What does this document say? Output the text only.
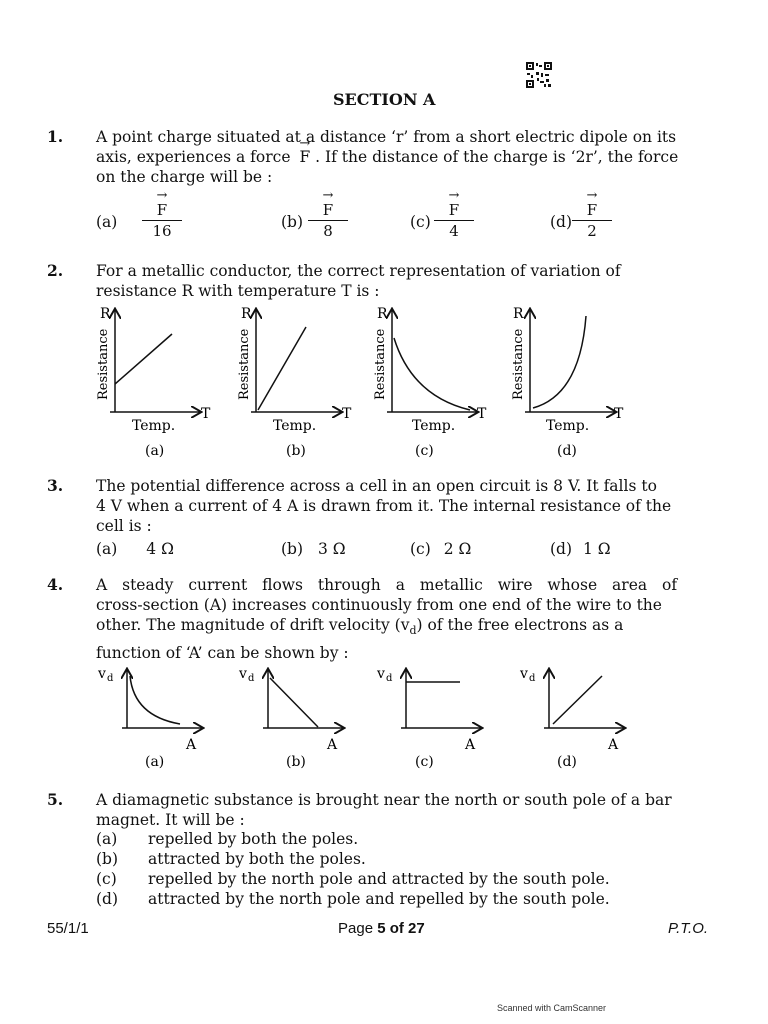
SECTION A
1. A point charge situated at a distance ‘r’ from a short electric dipole on its
axis, experiences a force → F . If the distance of the charge is ‘2r’, the force
on the charge will be :
(a)
→ $\frac{F}{16}$	(b)
→ $\frac{F}{8}$	(c)
→ $\frac{F}{4}$	(d)
→ $\frac{F}{2}$
2. For a metallic conductor, the correct representation of variation of
resistance R with temperature T is :
R
Resistance
Temp.
T
(a)
R
Resistance
Temp.
T
(b)
R
Resistance
Temp.
T
(c)
R
Resistance
Temp.
T
(d)
3. The potential difference across a cell in an open circuit is 8 V. It falls to
4 V when a current of 4 A is drawn from it. The internal resistance of the
cell is :
(a) 4 Ω	(b) 3 Ω	(c) 2 Ω	(d) 1 Ω
4. A steady current flows through a metallic wire whose area of
cross-section (A) increases continuously from one end of the wire to the
other. The magnitude of drift velocity $(v_d)$ of the free electrons as a
function of ‘A’ can be shown by :
v d
A
(a)
v d
A
(b)
v d
A
(c)
v d
A
(d)
5. A diamagnetic substance is brought near the north or south pole of a bar
magnet. It will be :
(a) repelled by both the poles.
(b) attracted by both the poles.
(c) repelled by the north pole and attracted by the south pole.
(d) attracted by the north pole and repelled by the south pole.
55/1/1	Page 5 of 27	P.T.O.
Scanned with CamScanner
